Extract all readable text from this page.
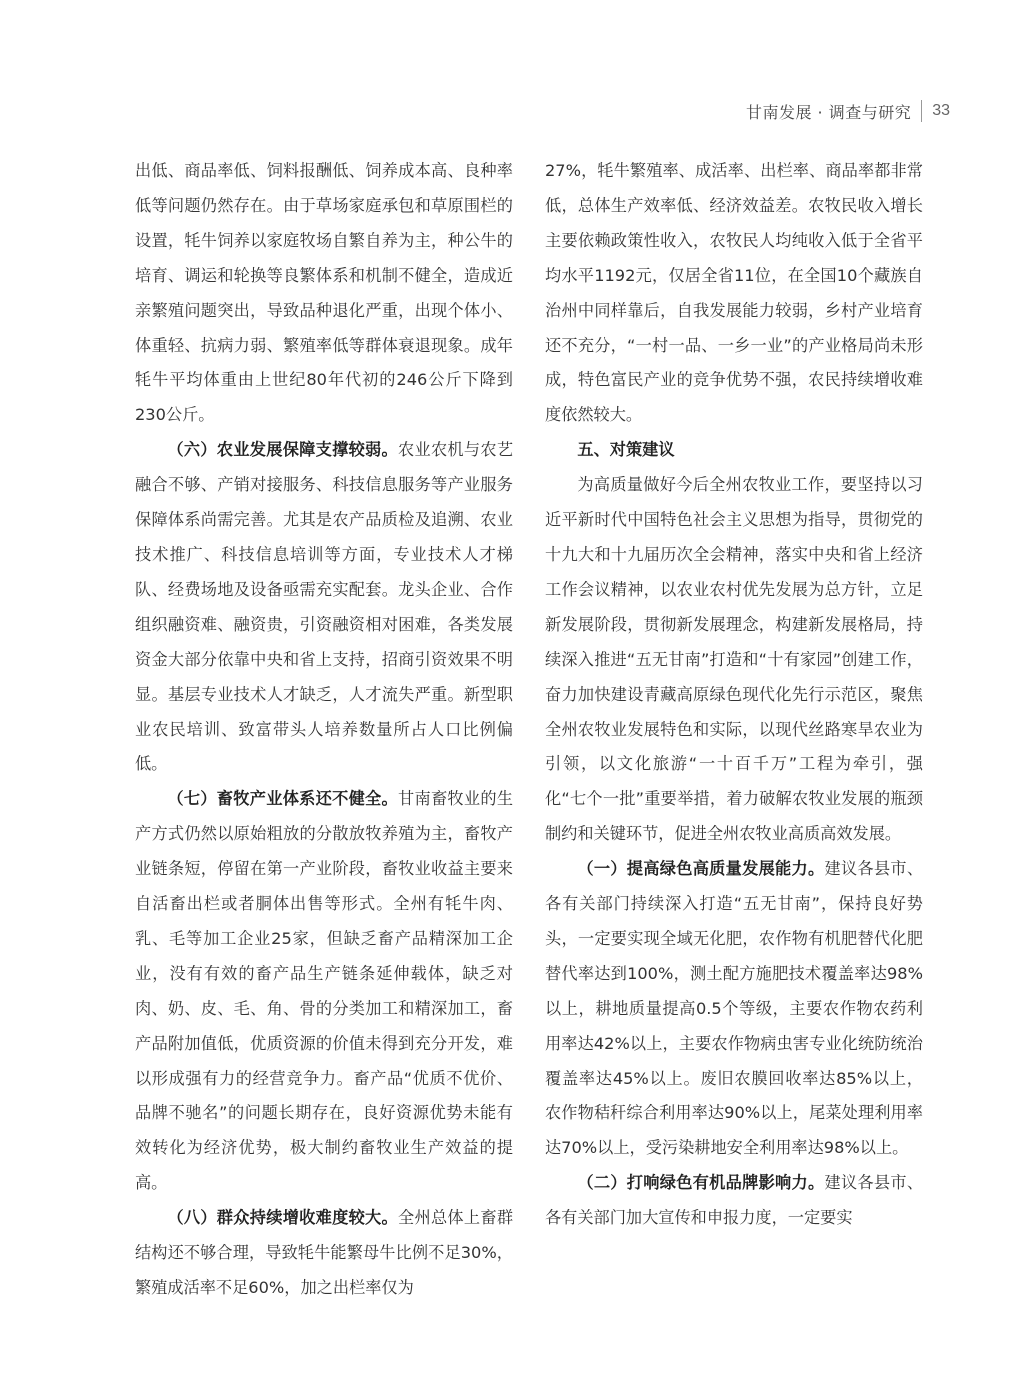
甘南发展 · 调查与研究 33

出低、商品率低、饲料报酬低、饲养成本高、良种率低等问题仍然存在。由于草场家庭承包和草原围栏的设置，牦牛饲养以家庭牧场自繁自养为主，种公牛的培育、调运和轮换等良繁体系和机制不健全，造成近亲繁殖问题突出，导致品种退化严重，出现个体小、体重轻、抗病力弱、繁殖率低等群体衰退现象。成年牦牛平均体重由上世纪80年代初的246公斤下降到230公斤。

（六）农业发展保障支撑较弱。农业农机与农艺融合不够、产销对接服务、科技信息服务等产业服务保障体系尚需完善。尤其是农产品质检及追溯、农业技术推广、科技信息培训等方面，专业技术人才梯队、经费场地及设备亟需充实配套。龙头企业、合作组织融资难、融资贵，引资融资相对困难，各类发展资金大部分依靠中央和省上支持，招商引资效果不明显。基层专业技术人才缺乏，人才流失严重。新型职业农民培训、致富带头人培养数量所占人口比例偏低。

（七）畜牧产业体系还不健全。甘南畜牧业的生产方式仍然以原始粗放的分散放牧养殖为主，畜牧产业链条短，停留在第一产业阶段，畜牧业收益主要来自活畜出栏或者胴体出售等形式。全州有牦牛肉、乳、毛等加工企业25家，但缺乏畜产品精深加工企业，没有有效的畜产品生产链条延伸载体，缺乏对肉、奶、皮、毛、角、骨的分类加工和精深加工，畜产品附加值低，优质资源的价值未得到充分开发，难以形成强有力的经营竞争力。畜产品“优质不优价、品牌不驰名”的问题长期存在，良好资源优势未能有效转化为经济优势，极大制约畜牧业生产效益的提高。

（八）群众持续增收难度较大。全州总体上畜群结构还不够合理，导致牦牛能繁母牛比例不足30%，繁殖成活率不足60%，加之出栏率仅为

27%，牦牛繁殖率、成活率、出栏率、商品率都非常低，总体生产效率低、经济效益差。农牧民收入增长主要依赖政策性收入，农牧民人均纯收入低于全省平均水平1192元，仅居全省11位，在全国10个藏族自治州中同样靠后，自我发展能力较弱，乡村产业培育还不充分，“一村一品、一乡一业”的产业格局尚未形成，特色富民产业的竞争优势不强，农民持续增收难度依然较大。

五、对策建议

为高质量做好今后全州农牧业工作，要坚持以习近平新时代中国特色社会主义思想为指导，贯彻党的十九大和十九届历次全会精神，落实中央和省上经济工作会议精神，以农业农村优先发展为总方针，立足新发展阶段，贯彻新发展理念，构建新发展格局，持续深入推进“五无甘南”打造和“十有家园”创建工作，奋力加快建设青藏高原绿色现代化先行示范区，聚焦全州农牧业发展特色和实际，以现代丝路寒旱农业为引领，以文化旅游“一十百千万”工程为牵引，强化“七个一批”重要举措，着力破解农牧业发展的瓶颈制约和关键环节，促进全州农牧业高质高效发展。

（一）提高绿色高质量发展能力。建议各县市、各有关部门持续深入打造“五无甘南”，保持良好势头，一定要实现全域无化肥，农作物有机肥替代化肥替代率达到100%，测土配方施肥技术覆盖率达98%以上，耕地质量提高0.5个等级，主要农作物农药利用率达42%以上，主要农作物病虫害专业化统防统治覆盖率达45%以上。废旧农膜回收率达85%以上，农作物秸秆综合利用率达90%以上，尾菜处理利用率达70%以上，受污染耕地安全利用率达98%以上。

（二）打响绿色有机品牌影响力。建议各县市、各有关部门加大宣传和申报力度，一定要实
